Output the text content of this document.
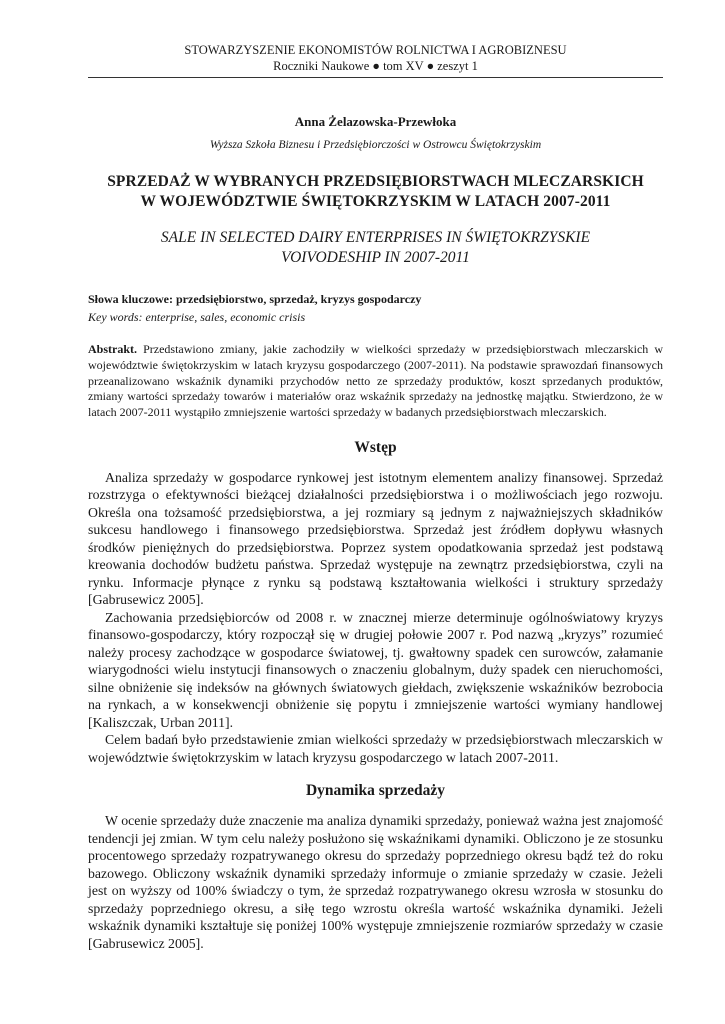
STOWARZYSZENIE EKONOMISTÓW ROLNICTWA I AGROBIZNESU
Roczniki Naukowe ● tom XV ● zeszyt 1
Anna Żelazowska-Przewłoka
Wyższa Szkoła Biznesu i Przedsiębiorczości w Ostrowcu Świętokrzyskim
SPRZEDAŻ W WYBRANYCH PRZEDSIĘBIORSTWACH MLECZARSKICH
W WOJEWÓDZTWIE ŚWIĘTOKRZYSKIM W LATACH 2007-2011
SALE IN SELECTED DAIRY ENTERPRISES IN ŚWIĘTOKRZYSKIE
VOIVODESHIP IN 2007-2011
Słowa kluczowe: przedsiębiorstwo, sprzedaż, kryzys gospodarczy
Key words: enterprise, sales, economic crisis
Abstrakt. Przedstawiono zmiany, jakie zachodziły w wielkości sprzedaży w przedsiębiorstwach mleczarskich w województwie świętokrzyskim w latach kryzysu gospodarczego (2007-2011). Na podstawie sprawozdań finansowych przeanalizowano wskaźnik dynamiki przychodów netto ze sprzedaży produktów, koszt sprzedanych produktów, zmiany wartości sprzedaży towarów i materiałów oraz wskaźnik sprzedaży na jednostkę majątku. Stwierdzono, że w latach 2007-2011 wystąpiło zmniejszenie wartości sprzedaży w badanych przedsiębiorstwach mleczarskich.
Wstęp

Analiza sprzedaży w gospodarce rynkowej jest istotnym elementem analizy finansowej. Sprzedaż rozstrzyga o efektywności bieżącej działalności przedsiębiorstwa i o możliwościach jego rozwoju. Określa ona tożsamość przedsiębiorstwa, a jej rozmiary są jednym z najważniejszych składników sukcesu handlowego i finansowego przedsiębiorstwa. Sprzedaż jest źródłem dopływu własnych środków pieniężnych do przedsiębiorstwa. Poprzez system opodatkowania sprzedaż jest podstawą kreowania dochodów budżetu państwa. Sprzedaż występuje na zewnątrz przedsiębiorstwa, czyli na rynku. Informacje płynące z rynku są podstawą kształtowania wielkości i struktury sprzedaży [Gabrusewicz 2005].

Zachowania przedsiębiorców od 2008 r. w znacznej mierze determinuje ogólnoświatowy kryzys finansowo-gospodarczy, który rozpoczął się w drugiej połowie 2007 r. Pod nazwą „kryzys” rozumieć należy procesy zachodzące w gospodarce światowej, tj. gwałtowny spadek cen surowców, załamanie wiarygodności wielu instytucji finansowych o znaczeniu globalnym, duży spadek cen nieruchomości, silne obniżenie się indeksów na głównych światowych giełdach, zwiększenie wskaźników bezrobocia na rynkach, a w konsekwencji obniżenie się popytu i zmniejszenie wartości wymiany handlowej [Kaliszczak, Urban 2011].

Celem badań było przedstawienie zmian wielkości sprzedaży w przedsiębiorstwach mleczarskich w województwie świętokrzyskim w latach kryzysu gospodarczego w latach 2007-2011.

Dynamika sprzedaży

W ocenie sprzedaży duże znaczenie ma analiza dynamiki sprzedaży, ponieważ ważna jest znajomość tendencji jej zmian. W tym celu należy posłużono się wskaźnikami dynamiki. Obliczono je ze stosunku procentowego sprzedaży rozpatrywanego okresu do sprzedaży poprzedniego okresu bądź też do roku bazowego. Obliczony wskaźnik dynamiki sprzedaży informuje o zmianie sprzedaży w czasie. Jeżeli jest on wyższy od 100% świadczy o tym, że sprzedaż rozpatrywanego okresu wzrosła w stosunku do sprzedaży poprzedniego okresu, a siłę tego wzrostu określa wartość wskaźnika dynamiki. Jeżeli wskaźnik dynamiki kształtuje się poniżej 100% występuje zmniejszenie rozmiarów sprzedaży w czasie [Gabrusewicz 2005].
